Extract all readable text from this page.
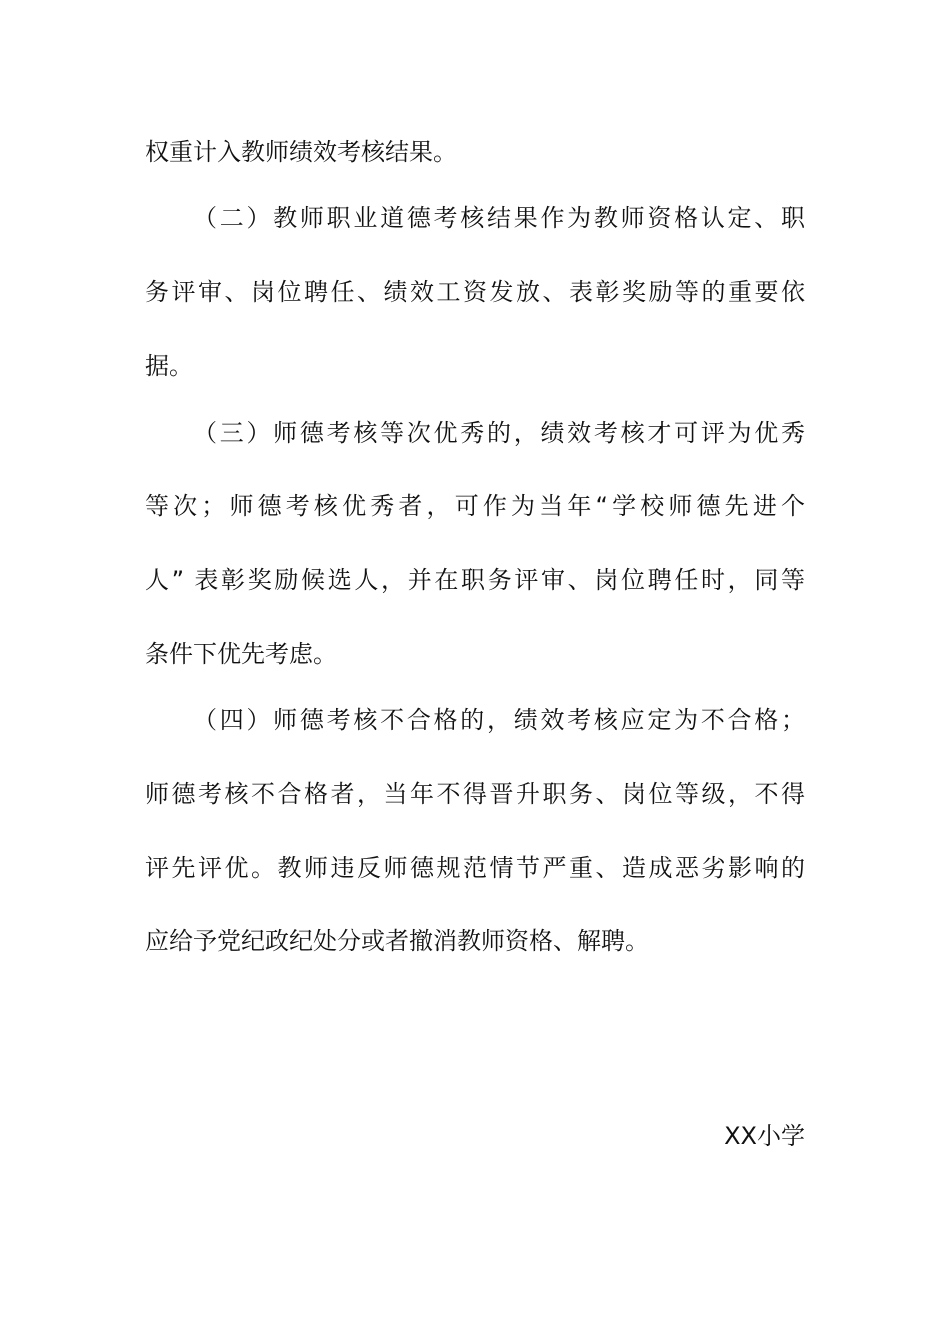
权重计入教师绩效考核结果。
（二）教师职业道德考核结果作为教师资格认定、职
务评审、岗位聘任、绩效工资发放、表彰奖励等的重要依
据。
（三）师德考核等次优秀的，绩效考核才可评为优秀
等次；师德考核优秀者，可作为当年“学校师德先进个
人” 表彰奖励候选人，并在职务评审、岗位聘任时，同等
条件下优先考虑。
（四）师德考核不合格的，绩效考核应定为不合格；
师德考核不合格者，当年不得晋升职务、岗位等级，不得
评先评优。教师违反师德规范情节严重、造成恶劣影响的
应给予党纪政纪处分或者撤消教师资格、解聘。
XX小学
